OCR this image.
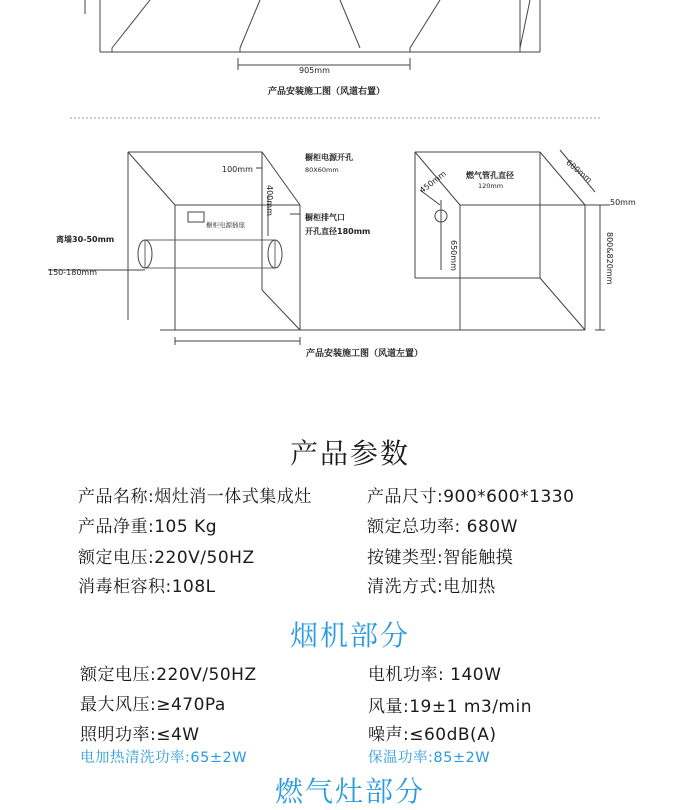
905mm
产品安装施工图（风道右置）
100mm
橱柜电源开孔
80X60mm
橱柜电源插座
400mm
橱柜排气口
开孔直径180mm
离墙30-50mm
150-180mm
450mm 燃气管孔直径
120mm
600mm
50mm
650mm	800&820mm
产品安装施工图（风道左置）
产品参数
产品名称:烟灶消一体式集成灶	产品尺寸:900*600*1330
产品净重:105 Kg	额定总功率: 680W
额定电压:220V/50HZ	按键类型:智能触摸
消毒柜容积:108L	清洗方式:电加热
烟机部分
额定电压:220V/50HZ	电机功率: 140W
最大风压:≥470Pa	风量:19±1 m3/min
照明功率:≤4W	噪声:≤60dB(A)
电加热清洗功率:65±2W	保温功率:85±2W
燃气灶部分
